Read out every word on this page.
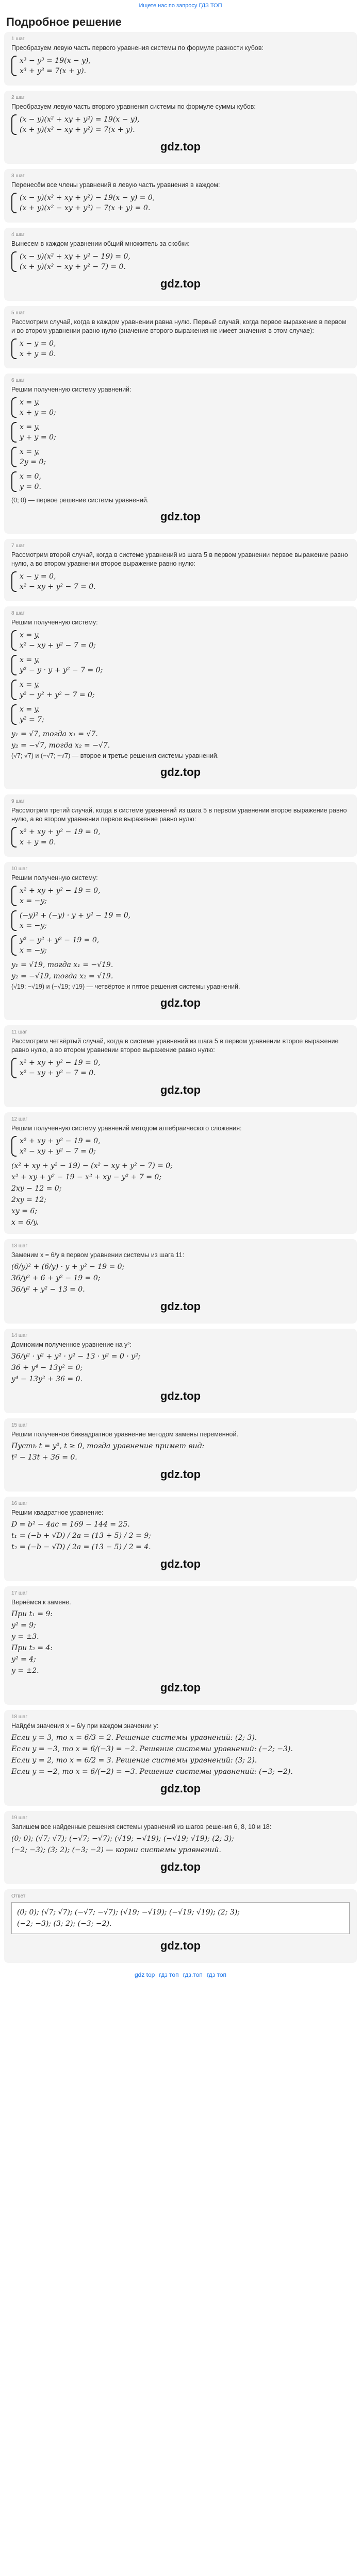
Ищете нас по запросу ГДЗ ТОП
Подробное решение
1 шаг
Преобразуем левую часть первого уравнения системы по формуле разности кубов:
x³ − y³ = 19(x − y),
x³ + y³ = 7(x + y).
2 шаг
Преобразуем левую часть второго уравнения системы по формуле суммы кубов:
(x − y)(x² + xy + y²) = 19(x − y),
(x + y)(x² − xy + y²) = 7(x + y).
gdz.top
3 шаг
Перенесём все члены уравнений в левую часть уравнения в каждом:
(x − y)(x² + xy + y²) − 19(x − y) = 0,
(x + y)(x² − xy + y²) − 7(x + y) = 0.
4 шаг
Вынесем в каждом уравнении общий множитель за скобки:
(x − y)(x² + xy + y² − 19) = 0,
(x + y)(x² − xy + y² − 7) = 0.
gdz.top
5 шаг
Рассмотрим случай, когда в каждом уравнении равна нулю. Первый случай, когда первое выражение в первом и во втором уравнении равно нулю (значение второго выражения не имеет значения в этом случае):
x − y = 0,
x + y = 0.
6 шаг
Решим полученную систему уравнений:
x = y,
x + y = 0;
x = y,
y + y = 0;
x = y,
2y = 0;
x = 0,
y = 0.
(0; 0) — первое решение системы уравнений.
gdz.top
7 шаг
Рассмотрим второй случай, когда в системе уравнений из шага 5 в первом уравнении первое выражение равно нулю, а во втором уравнении второе выражение равно нулю:
x − y = 0,
x² − xy + y² − 7 = 0.
8 шаг
Решим полученную систему:
x = y,
x² − xy + y² − 7 = 0;
x = y,
y² − y · y + y² − 7 = 0;
x = y,
y² − y² + y² − 7 = 0;
x = y,
y² = 7;
y₁ = √7, тогда x₁ = √7.
y₂ = −√7, тогда x₂ = −√7.
(√7; √7) и (−√7; −√7) — второе и третье решения системы уравнений.
gdz.top
9 шаг
Рассмотрим третий случай, когда в системе уравнений из шага 5 в первом уравнении второе выражение равно нулю, а во втором уравнении первое выражение равно нулю:
x² + xy + y² − 19 = 0,
x + y = 0.
10 шаг
Решим полученную систему:
x² + xy + y² − 19 = 0,
x = −y;
(−y)² + (−y) · y + y² − 19 = 0,
x = −y;
y² − y² + y² − 19 = 0,
x = −y;
y₁ = √19, тогда x₁ = −√19.
y₂ = −√19, тогда x₂ = √19.
(√19; −√19) и (−√19; √19) — четвёртое и пятое решения системы уравнений.
gdz.top
11 шаг
Рассмотрим четвёртый случай, когда в системе уравнений из шага 5 в первом уравнении второе выражение равно нулю, а во втором уравнении второе выражение равно нулю:
x² + xy + y² − 19 = 0,
x² − xy + y² − 7 = 0.
gdz.top
12 шаг
Решим полученную систему уравнений методом алгебраического сложения:
x² + xy + y² − 19 = 0,
x² − xy + y² − 7 = 0;
(x² + xy + y² − 19) − (x² − xy + y² − 7) = 0;
x² + xy + y² − 19 − x² + xy − y² + 7 = 0;
2xy − 12 = 0;
2xy = 12;
xy = 6;
x = 6/y.
13 шаг
Заменим x = 6/y в первом уравнении системы из шага 11:
(6/y)² + (6/y) · y + y² − 19 = 0;
36/y² + 6 + y² − 19 = 0;
36/y² + y² − 13 = 0.
gdz.top
14 шаг
Домножим полученное уравнение на y²:
36/y² · y² + y² · y² − 13 · y² = 0 · y²;
36 + y⁴ − 13y² = 0;
y⁴ − 13y² + 36 = 0.
gdz.top
15 шаг
Решим полученное биквадратное уравнение методом замены переменной.
Пусть t = y², t ≥ 0, тогда уравнение примет вид:
t² − 13t + 36 = 0.
gdz.top
16 шаг
Решим квадратное уравнение:
D = b² − 4ac = 169 − 144 = 25.
t₁ = (−b + √D) / 2a = (13 + 5) / 2 = 9;
t₂ = (−b − √D) / 2a = (13 − 5) / 2 = 4.
gdz.top
17 шаг
Вернёмся к замене.
При t₁ = 9:
y² = 9;
y = ±3.
При t₂ = 4:
y² = 4;
y = ±2.
gdz.top
18 шаг
Найдём значения x = 6/y при каждом значении y:
Если y = 3, то x = 6/3 = 2. Решение системы уравнений: (2; 3).
Если y = −3, то x = 6/(−3) = −2. Решение системы уравнений: (−2; −3).
Если y = 2, то x = 6/2 = 3. Решение системы уравнений: (3; 2).
Если y = −2, то x = 6/(−2) = −3. Решение системы уравнений: (−3; −2).
gdz.top
19 шаг
Запишем все найденные решения системы уравнений из шагов решения 6, 8, 10 и 18:
(0; 0); (√7; √7); (−√7; −√7); (√19; −√19); (−√19; √19); (2; 3);
(−2; −3); (3; 2); (−3; −2) — корни системы уравнений.
gdz.top
Ответ
(0; 0); (√7; √7); (−√7; −√7); (√19; −√19); (−√19; √19); (2; 3);
(−2; −3); (3; 2); (−3; −2).
gdz.top
gdz top гдз топ гдз.топ гдз топ
